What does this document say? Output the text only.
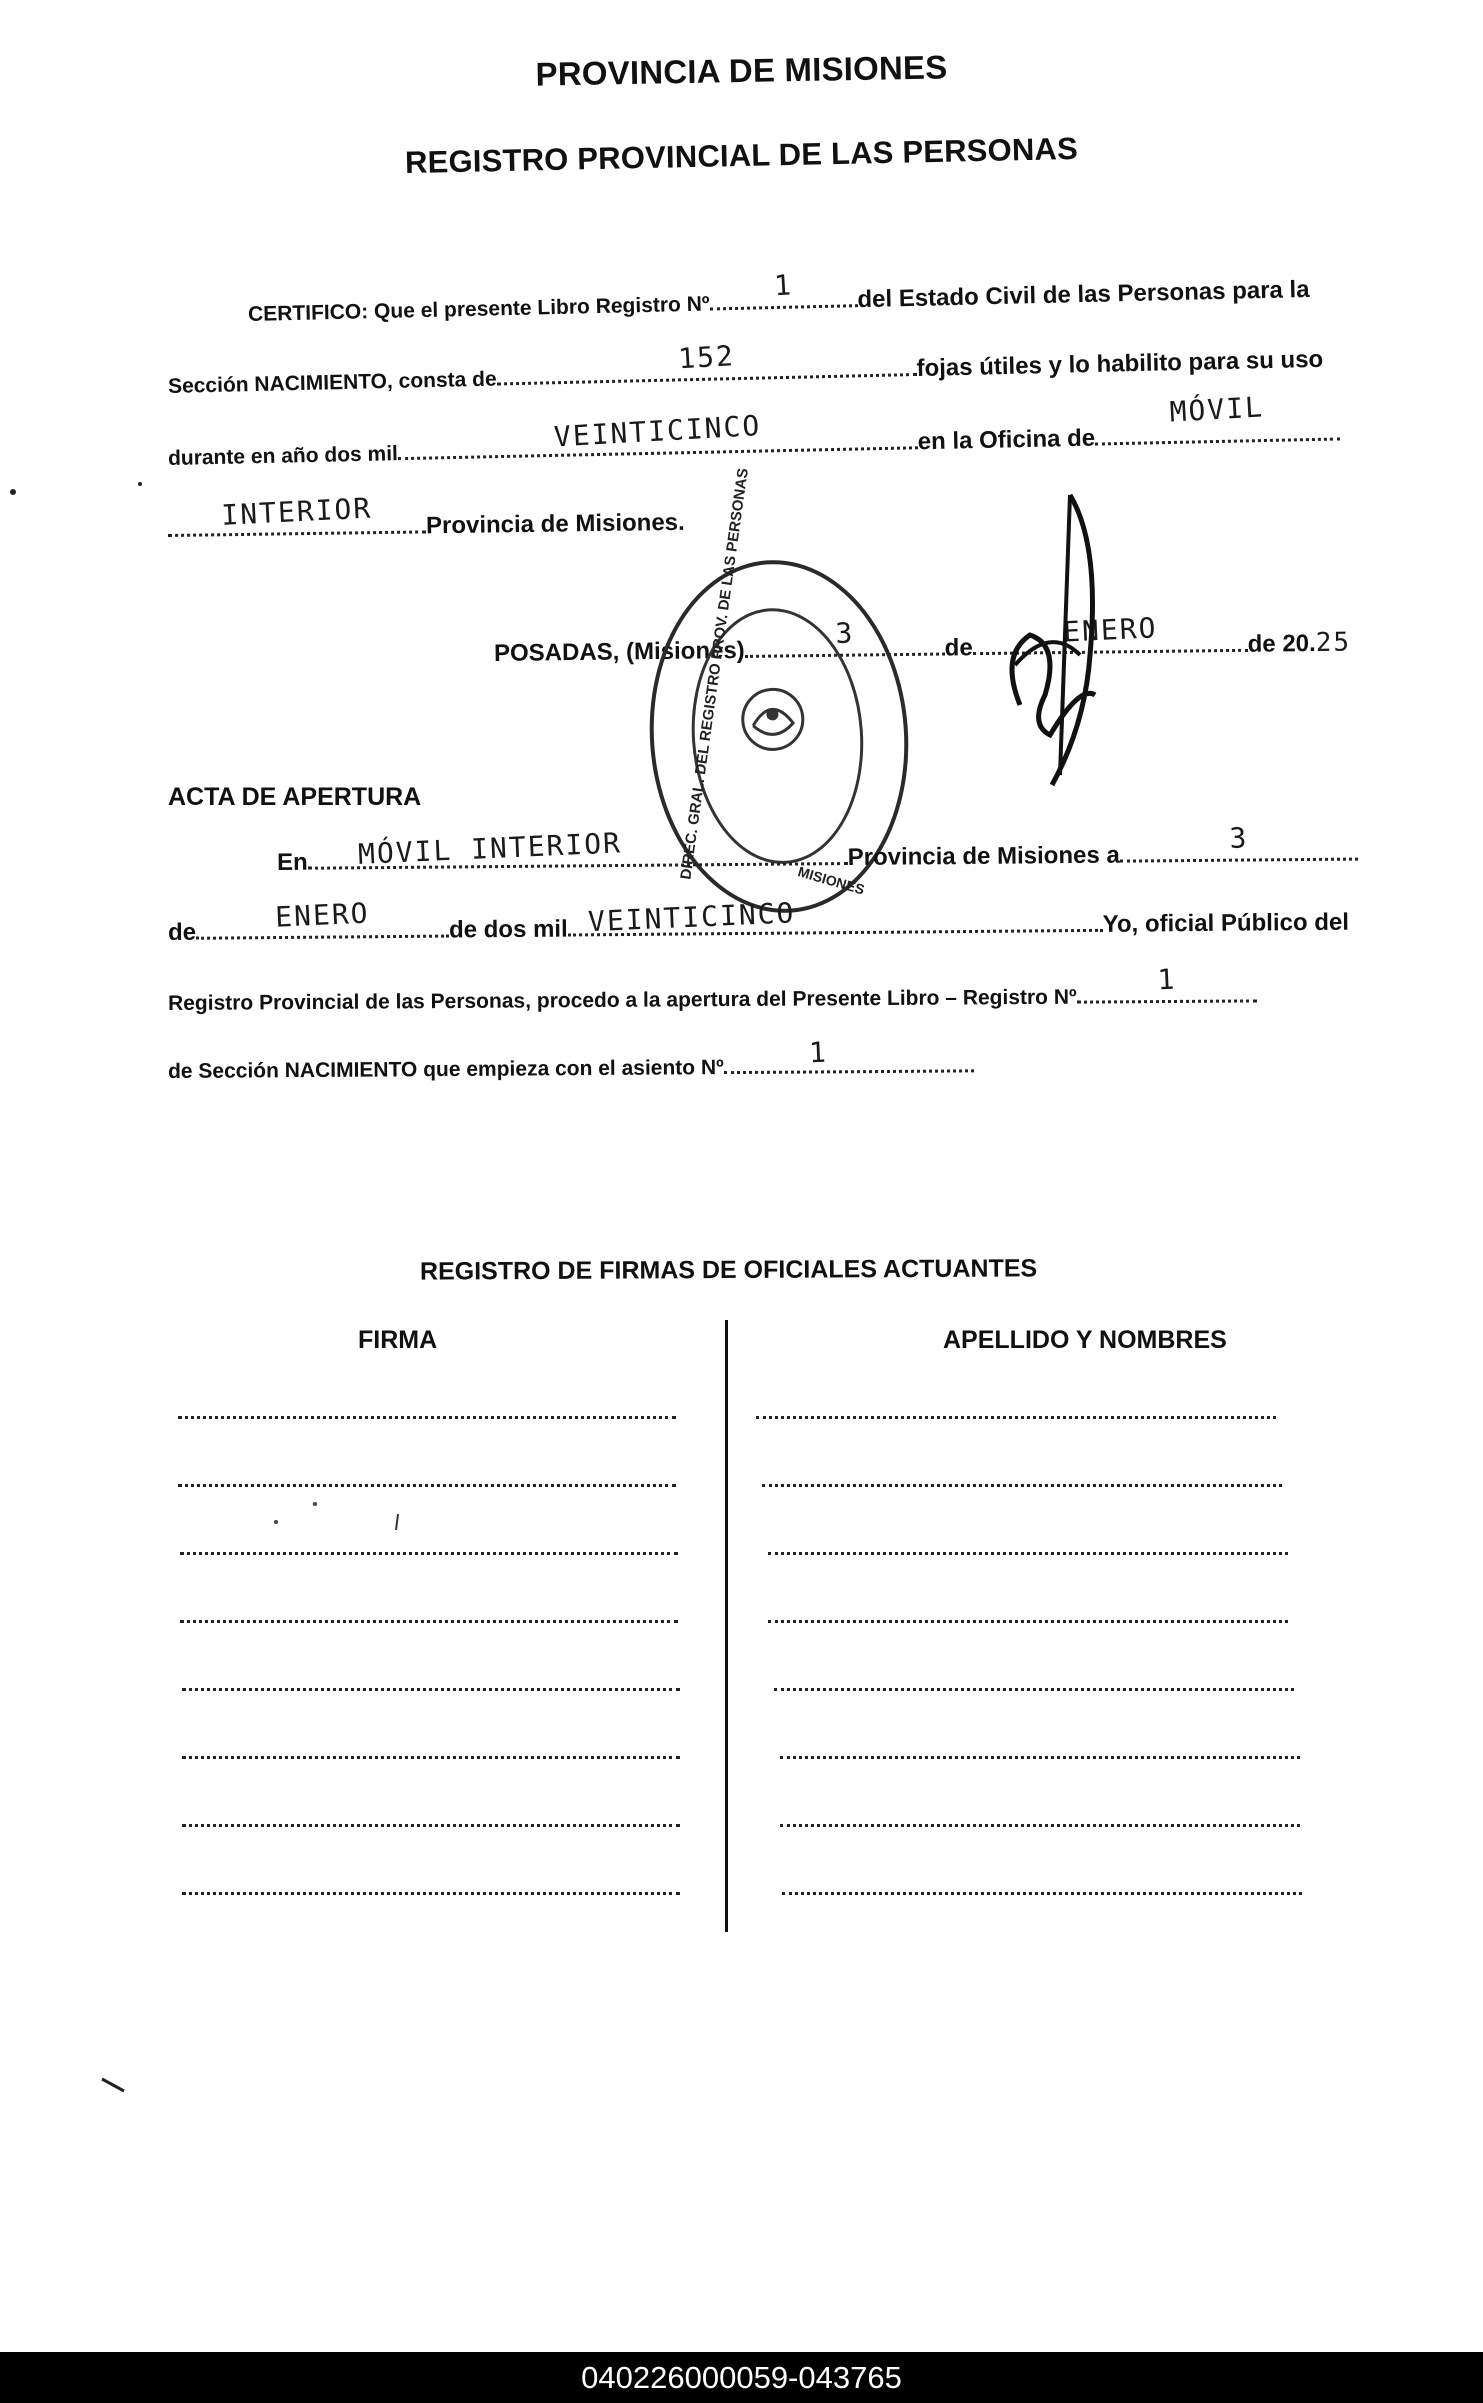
PROVINCIA DE MISIONES
REGISTRO PROVINCIAL DE LAS PERSONAS
CERTIFICO: Que el presente Libro Registro Nº
1	del Estado Civil de las Personas para la
Sección NACIMIENTO, consta de
152	fojas útiles y lo habilito para su uso
durante en año dos mil
VEINTICINCO	en la Oficina de
MÓVIL
INTERIOR	Provincia de Misiones.
POSADAS, (Misiones)
3	de	ENERO	de 20.25
DIREC. GRAL. DEL REGISTRO PROV. DE LAS PERSONAS	MISIONES
ACTA DE APERTURA
En MÓVIL INTERIOR	Provincia de Misiones a
3
de	ENERO	de dos mil VEINTICINCO	Yo, oficial Público del
Registro Provincial de las Personas, procedo a la apertura del Presente Libro – Registro Nº
1
de Sección NACIMIENTO que empieza con el asiento Nº
1
REGISTRO DE FIRMAS DE OFICIALES ACTUANTES
FIRMA	APELLIDO Y NOMBRES
040226000059-043765
